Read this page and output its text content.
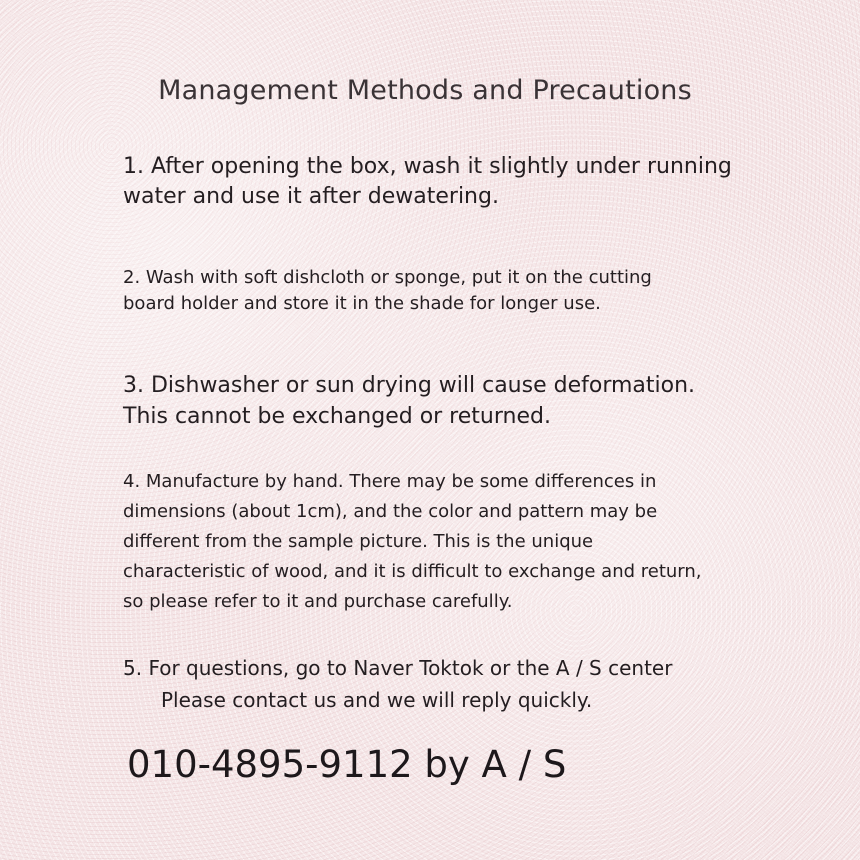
Management Methods and Precautions
1. After opening the box, wash it slightly under running
water and use it after dewatering.
2. Wash with soft dishcloth or sponge, put it on the cutting
board holder and store it in the shade for longer use.
3. Dishwasher or sun drying will cause deformation.
This cannot be exchanged or returned.
4. Manufacture by hand. There may be some differences in
dimensions (about 1cm), and the color and pattern may be
different from the sample picture. This is the unique
characteristic of wood, and it is difficult to exchange and return,
so please refer to it and purchase carefully.
5. For questions, go to Naver Toktok or the A / S center
Please contact us and we will reply quickly.
010-4895-9112 by A / S
